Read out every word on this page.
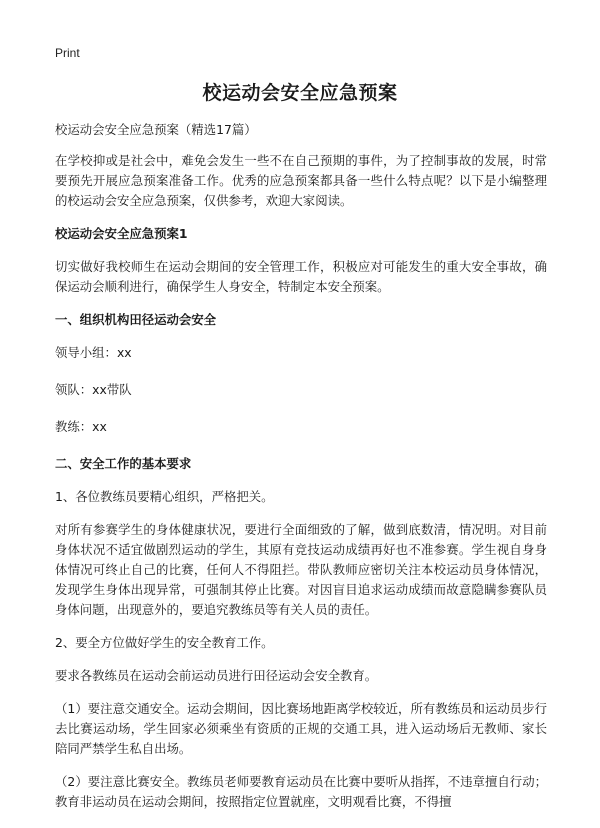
Print
校运动会安全应急预案

校运动会安全应急预案（精选17篇）

在学校抑或是社会中，难免会发生一些不在自己预期的事件，为了控制事故的发展，时常要预先开展应急预案准备工作。优秀的应急预案都具备一些什么特点呢？以下是小编整理的校运动会安全应急预案，仅供参考，欢迎大家阅读。

校运动会安全应急预案1

切实做好我校师生在运动会期间的安全管理工作，积极应对可能发生的重大安全事故，确保运动会顺利进行，确保学生人身安全，特制定本安全预案。

一、组织机构田径运动会安全

领导小组：xx

领队：xx带队

教练：xx

二、安全工作的基本要求

1、各位教练员要精心组织，严格把关。

对所有参赛学生的身体健康状况，要进行全面细致的了解，做到底数清，情况明。对目前身体状况不适宜做剧烈运动的学生，其原有竞技运动成绩再好也不准参赛。学生视自身身体情况可终止自己的比赛，任何人不得阻拦。带队教师应密切关注本校运动员身体情况，发现学生身体出现异常，可强制其停止比赛。对因盲目追求运动成绩而故意隐瞒参赛队员身体问题，出现意外的，要追究教练员等有关人员的责任。

2、要全方位做好学生的安全教育工作。

要求各教练员在运动会前运动员进行田径运动会安全教育。

（1）要注意交通安全。运动会期间，因比赛场地距离学校较近，所有教练员和运动员步行去比赛运动场，学生回家必须乘坐有资质的正规的交通工具，进入运动场后无教师、家长陪同严禁学生私自出场。

（2）要注意比赛安全。教练员老师要教育运动员在比赛中要听从指挥，不违章擅自行动；教育非运动员在运动会期间，按照指定位置就座，文明观看比赛，不得擅
